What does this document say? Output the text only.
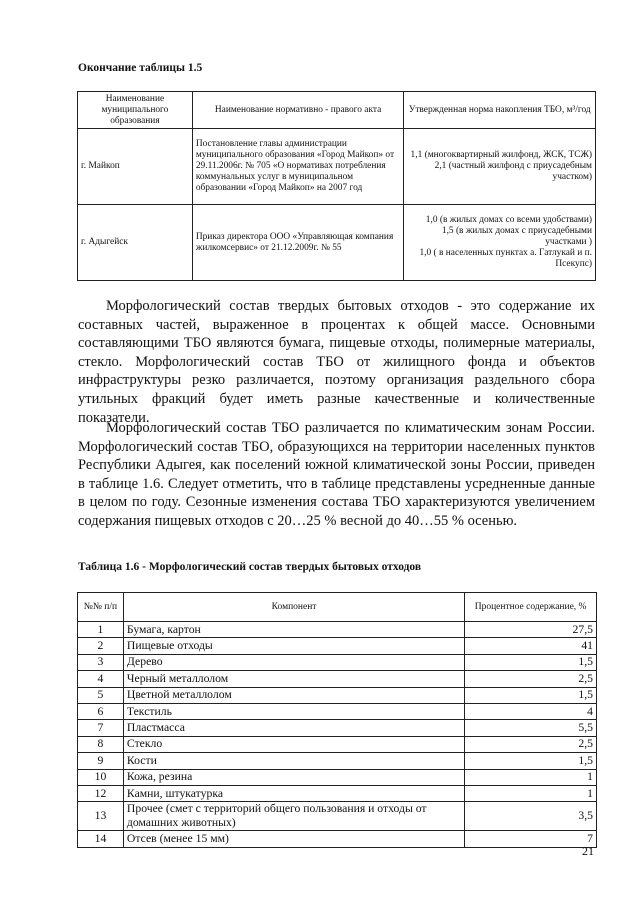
Окончание таблицы 1.5
Наименование муниципального образования	Наименование нормативно - правого акта	Утвержденная норма накопления ТБО, м³/год
г. Майкоп	Постановление главы администрации муниципального образования «Город Майкоп» от 29.11.2006г. № 705 «О нормативах потребления коммунальных услуг в муниципальном образовании «Город Майкоп» на 2007 год	1,1 (многоквартирный жилфонд, ЖСК, ТСЖ)
2,1 (частный жилфонд с приусадебным участком)

г. Адыгейск	Приказ директора ООО «Управляющая компания жилкомсервис» от 21.12.2009г. № 55	1,0 (в жилых домах со всеми удобствами)
1,5 (в жилых домах с приусадебными участками )
1,0 ( в населенных пунктах а. Гатлукай и п. Псекупс)

Морфологический состав твердых бытовых отходов - это содержание их составных частей, выраженное в процентах к общей массе. Основными составляющими ТБО являются бумага, пищевые отходы, полимерные материалы, стекло. Морфологический состав ТБО от жилищного фонда и объектов инфраструктуры резко различается, поэтому организация раздельного сбора утильных фракций будет иметь разные качественные и количественные показатели.

Морфологический состав ТБО различается по климатическим зонам России. Морфологический состав ТБО, образующихся на территории населенных пунктов Республики Адыгея, как поселений южной климатической зоны России, приведен в таблице 1.6. Следует отметить, что в таблице представлены усредненные данные в целом по году. Сезонные изменения состава ТБО характеризуются увеличением содержания пищевых отходов с 20…25 % весной до 40…55 % осенью.

Таблица 1.6 - Морфологический состав твердых бытовых отходов
№№ п/п	Компонент	Процентное содержание, %
1	Бумага, картон	27,5
2	Пищевые отходы	41
3	Дерево	1,5
4	Черный металлолом	2,5
5	Цветной металлолом	1,5
6	Текстиль	4
7	Пластмасса	5,5
8	Стекло	2,5
9	Кости	1,5
10	Кожа, резина	1
12	Камни, штукатурка	1
13	Прочее (смет с территорий общего пользования и отходы от домашних животных)	3,5
14	Отсев (менее 15 мм)	7
21
